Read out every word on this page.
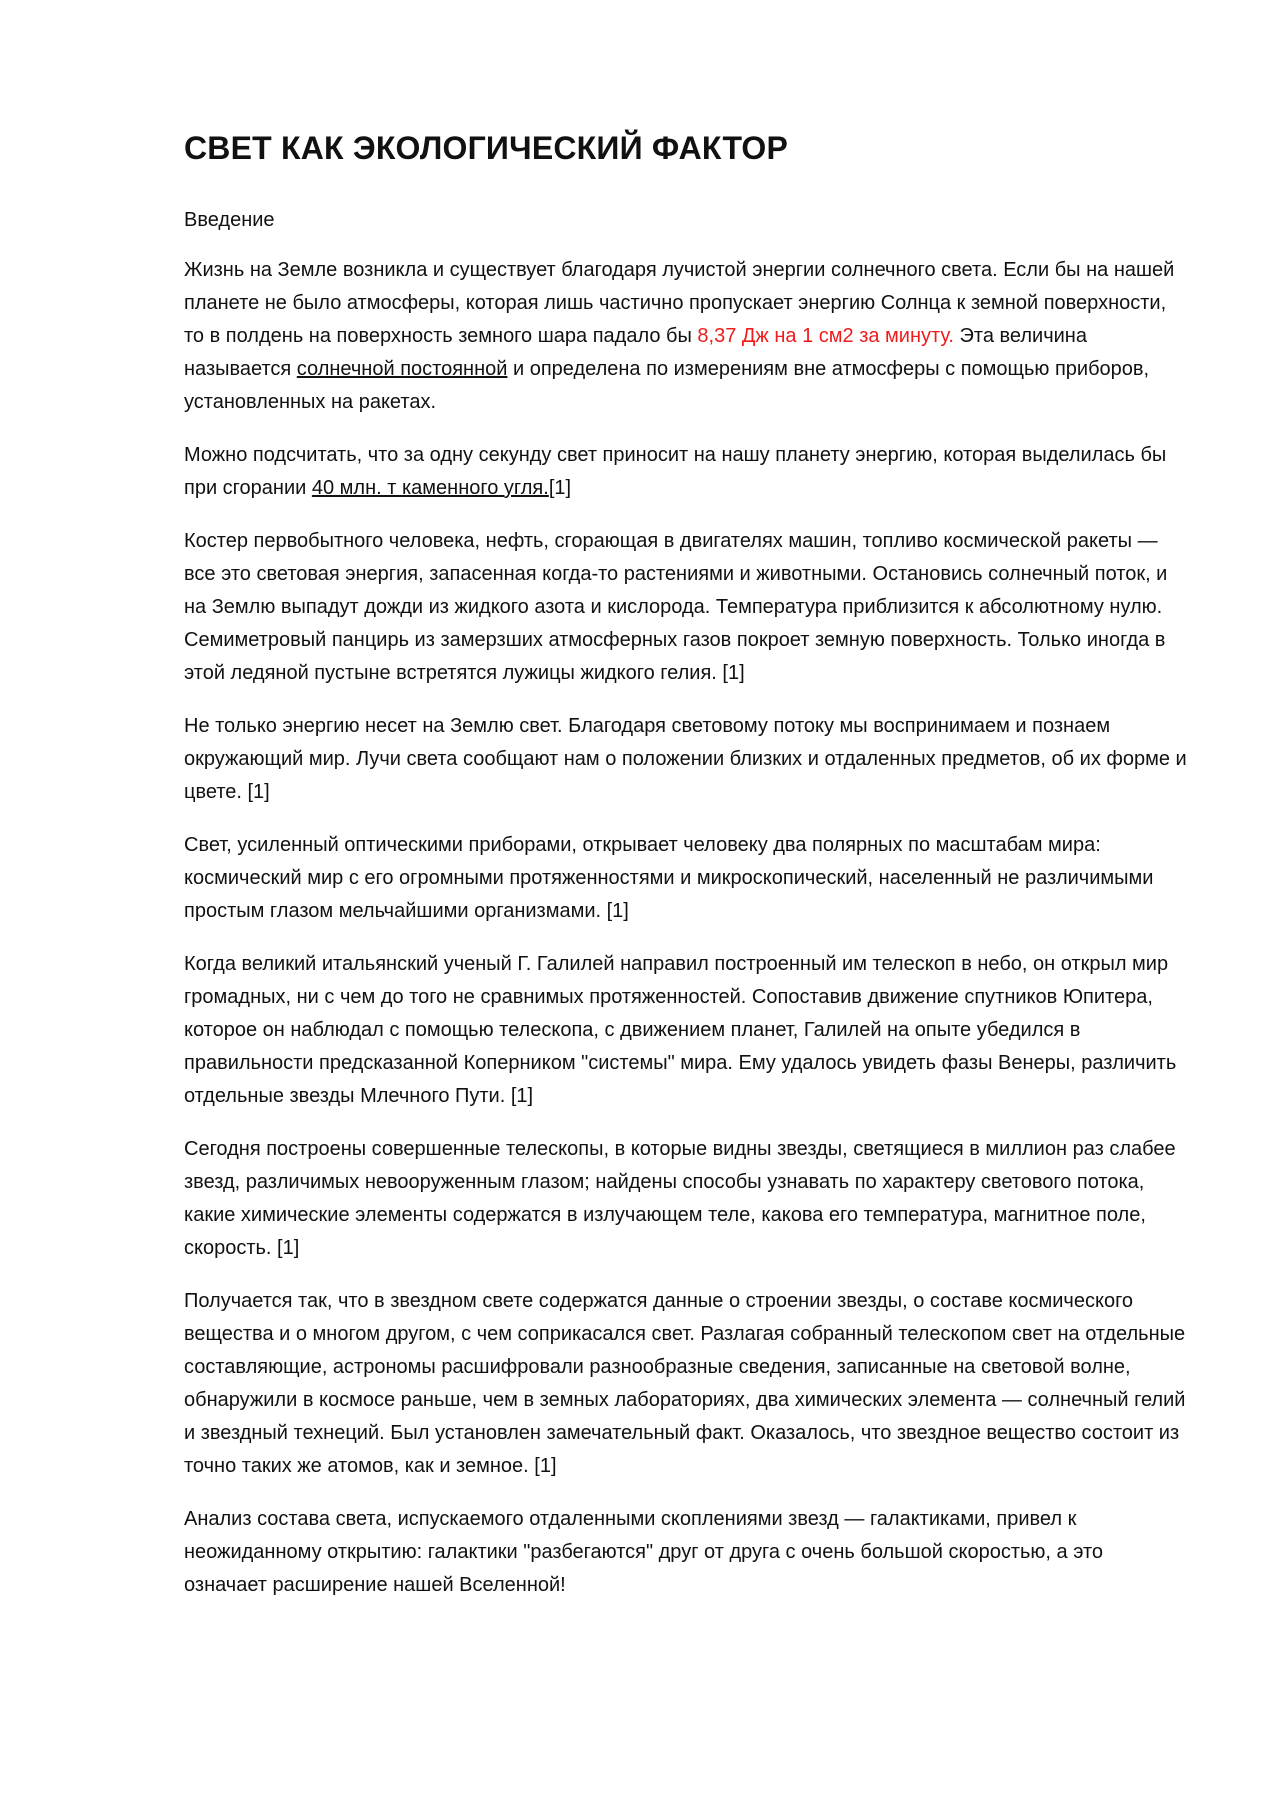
СВЕТ КАК ЭКОЛОГИЧЕСКИЙ ФАКТОР

Введение

Жизнь на Земле возникла и существует благодаря лучистой энергии солнечного света. Если бы на нашей планете не было атмосферы, которая лишь частично пропускает энергию Солнца к земной поверхности, то в полдень на поверхность земного шара падало бы 8,37 Дж на 1 см2 за минуту. Эта величина называется солнечной постоянной и определена по измерениям вне атмосферы с помощью приборов, установленных на ракетах.

Можно подсчитать, что за одну секунду свет приносит на нашу планету энергию, которая выделилась бы при сгорании 40 млн. т каменного угля.[1]

Костер первобытного человека, нефть, сгорающая в двигателях машин, топливо космической ракеты — все это световая энергия, запасенная когда-то растениями и животными. Остановись солнечный поток, и на Землю выпадут дожди из жидкого азота и кислорода. Температура приблизится к абсолютному нулю. Семиметровый панцирь из замерзших атмосферных газов покроет земную поверхность. Только иногда в этой ледяной пустыне встретятся лужицы жидкого гелия. [1]

Не только энергию несет на Землю свет. Благодаря световому потоку мы воспринимаем и познаем окружающий мир. Лучи света сообщают нам о положении близких и отдаленных предметов, об их форме и цвете. [1]

Свет, усиленный оптическими приборами, открывает человеку два полярных по масштабам мира: космический мир с его огромными протяженностями и микроскопический, населенный не различимыми простым глазом мельчайшими организмами. [1]

Когда великий итальянский ученый Г. Галилей направил построенный им телескоп в небо, он открыл мир громадных, ни с чем до того не сравнимых протяженностей. Сопоставив движение спутников Юпитера, которое он наблюдал с помощью телескопа, с движением планет, Галилей на опыте убедился в правильности предсказанной Коперником "системы" мира. Ему удалось увидеть фазы Венеры, различить отдельные звезды Млечного Пути. [1]

Сегодня построены совершенные телескопы, в которые видны звезды, светящиеся в миллион раз слабее звезд, различимых невооруженным глазом; найдены способы узнавать по характеру светового потока, какие химические элементы содержатся в излучающем теле, какова его температура, магнитное поле, скорость. [1]

Получается так, что в звездном свете содержатся данные о строении звезды, о составе космического вещества и о многом другом, с чем соприкасался свет. Разлагая собранный телескопом свет на отдельные составляющие, астрономы расшифровали разнообразные сведения, записанные на световой волне, обнаружили в космосе раньше, чем в земных лабораториях, два химических элемента — солнечный гелий и звездный технеций. Был установлен замечательный факт. Оказалось, что звездное вещество состоит из точно таких же атомов, как и земное. [1]

Анализ состава света, испускаемого отдаленными скоплениями звезд — галактиками, привел к неожиданному открытию: галактики "разбегаются" друг от друга с очень большой скоростью, а это означает расширение нашей Вселенной!
